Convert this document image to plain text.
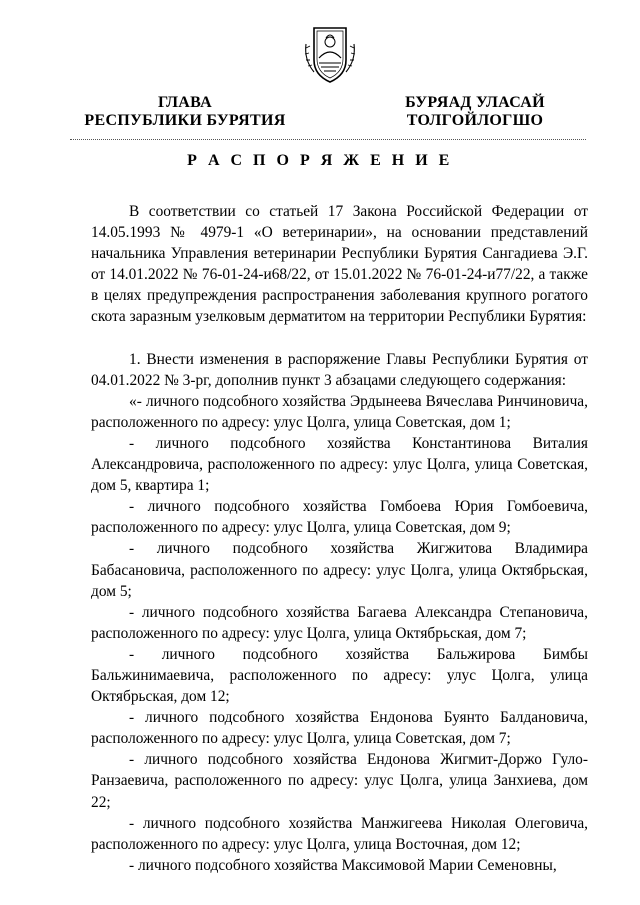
ГЛАВА
РЕСПУБЛИКИ БУРЯТИЯ
БУРЯАД УЛАСАЙ
ТОЛГОЙЛОГШО
Р А С П О Р Я Ж Е Н И Е

В соответствии со статьей 17 Закона Российской Федерации от 14.05.1993 № 4979-1 «О ветеринарии», на основании представлений начальника Управления ветеринарии Республики Бурятия Сангадиева Э.Г. от 14.01.2022 № 76-01-24-и68/22, от 15.01.2022 № 76-01-24-и77/22, а также в целях предупреждения распространения заболевания крупного рогатого скота заразным узелковым дерматитом на территории Республики Бурятия:

1. Внести изменения в распоряжение Главы Республики Бурятия от 04.01.2022 № 3-рг, дополнив пункт 3 абзацами следующего содержания:

«- личного подсобного хозяйства Эрдынеева Вячеслава Ринчиновича, расположенного по адресу: улус Цолга, улица Советская, дом 1;

- личного подсобного хозяйства Константинова Виталия Александровича, расположенного по адресу: улус Цолга, улица Советская, дом 5, квартира 1;

- личного подсобного хозяйства Гомбоева Юрия Гомбоевича, расположенного по адресу: улус Цолга, улица Советская, дом 9;

- личного подсобного хозяйства Жигжитова Владимира Бабасановича, расположенного по адресу: улус Цолга, улица Октябрьская, дом 5;

- личного подсобного хозяйства Багаева Александра Степановича, расположенного по адресу: улус Цолга, улица Октябрьская, дом 7;

- личного подсобного хозяйства Бальжирова Бимбы Бальжинимаевича, расположенного по адресу: улус Цолга, улица Октябрьская, дом 12;

- личного подсобного хозяйства Ендонова Буянто Балдановича, расположенного по адресу: улус Цолга, улица Советская, дом 7;

- личного подсобного хозяйства Ендонова Жигмит-Доржо Гуло-Ранзаевича, расположенного по адресу: улус Цолга, улица Занхиева, дом 22;

- личного подсобного хозяйства Манжигеева Николая Олеговича, расположенного по адресу: улус Цолга, улица Восточная, дом 12;

- личного подсобного хозяйства Максимовой Марии Семеновны,
